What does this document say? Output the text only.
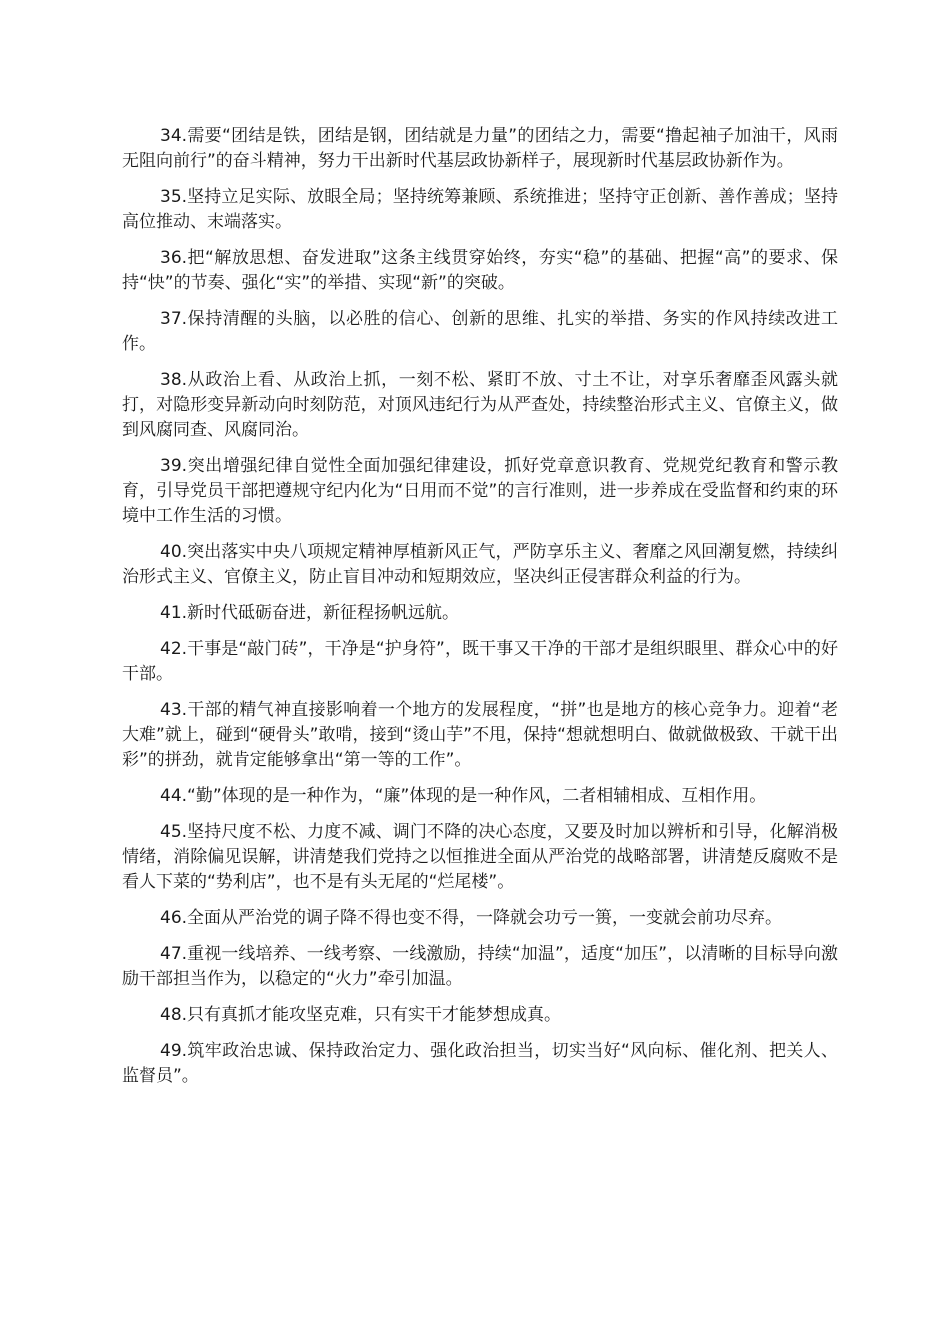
34.需要“团结是铁，团结是钢，团结就是力量”的团结之力，需要“撸起袖子加油干，风雨无阻向前行”的奋斗精神，努力干出新时代基层政协新样子，展现新时代基层政协新作为。

35.坚持立足实际、放眼全局；坚持统筹兼顾、系统推进；坚持守正创新、善作善成；坚持高位推动、末端落实。

36.把“解放思想、奋发进取”这条主线贯穿始终，夯实“稳”的基础、把握“高”的要求、保持“快”的节奏、强化“实”的举措、实现“新”的突破。

37.保持清醒的头脑，以必胜的信心、创新的思维、扎实的举措、务实的作风持续改进工作。

38.从政治上看、从政治上抓，一刻不松、紧盯不放、寸土不让，对享乐奢靡歪风露头就打，对隐形变异新动向时刻防范，对顶风违纪行为从严查处，持续整治形式主义、官僚主义，做到风腐同查、风腐同治。

39.突出增强纪律自觉性全面加强纪律建设，抓好党章意识教育、党规党纪教育和警示教育，引导党员干部把遵规守纪内化为“日用而不觉”的言行准则，进一步养成在受监督和约束的环境中工作生活的习惯。

40.突出落实中央八项规定精神厚植新风正气，严防享乐主义、奢靡之风回潮复燃，持续纠治形式主义、官僚主义，防止盲目冲动和短期效应，坚决纠正侵害群众利益的行为。

41.新时代砥砺奋进，新征程扬帆远航。

42.干事是“敲门砖”，干净是“护身符”，既干事又干净的干部才是组织眼里、群众心中的好干部。

43.干部的精气神直接影响着一个地方的发展程度，“拼”也是地方的核心竞争力。迎着“老大难”就上，碰到“硬骨头”敢啃，接到“烫山芋”不甩，保持“想就想明白、做就做极致、干就干出彩”的拼劲，就肯定能够拿出“第一等的工作”。

44.“勤”体现的是一种作为，“廉”体现的是一种作风，二者相辅相成、互相作用。

45.坚持尺度不松、力度不减、调门不降的决心态度，又要及时加以辨析和引导，化解消极情绪，消除偏见误解，讲清楚我们党持之以恒推进全面从严治党的战略部署，讲清楚反腐败不是看人下菜的“势利店”，也不是有头无尾的“烂尾楼”。

46.全面从严治党的调子降不得也变不得，一降就会功亏一篑，一变就会前功尽弃。

47.重视一线培养、一线考察、一线激励，持续“加温”，适度“加压”，以清晰的目标导向激励干部担当作为，以稳定的“火力”牵引加温。

48.只有真抓才能攻坚克难，只有实干才能梦想成真。

49.筑牢政治忠诚、保持政治定力、强化政治担当，切实当好“风向标、催化剂、把关人、监督员”。
